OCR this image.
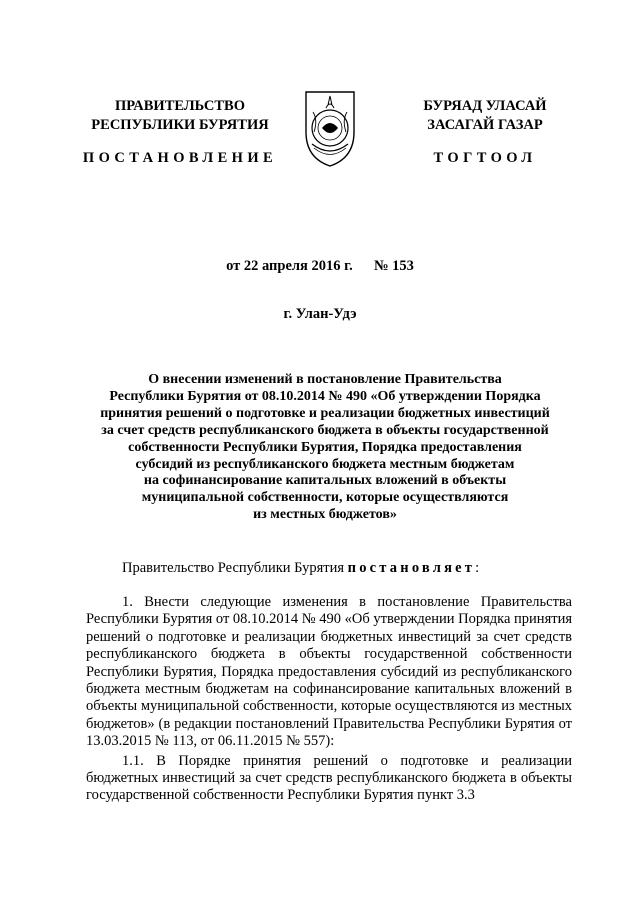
ПРАВИТЕЛЬСТВО
РЕСПУБЛИКИ БУРЯТИЯ
ПОСТАНОВЛЕНИЕ
БУРЯАД УЛАСАЙ
ЗАСАГАЙ ГАЗАР
ТОГТООЛ
от 22 апреля 2016 г. № 153
г. Улан-Удэ
О внесении изменений в постановление Правительства
Республики Бурятия от 08.10.2014 № 490 «Об утверждении Порядка
принятия решений о подготовке и реализации бюджетных инвестиций
за счет средств республиканского бюджета в объекты государственной
собственности Республики Бурятия, Порядка предоставления
субсидий из республиканского бюджета местным бюджетам
на софинансирование капитальных вложений в объекты
муниципальной собственности, которые осуществляются
из местных бюджетов»
Правительство Республики Бурятия постановляет:

1. Внести следующие изменения в постановление Правительства Республики Бурятия от 08.10.2014 № 490 «Об утверждении Порядка принятия решений о подготовке и реализации бюджетных инвестиций за счет средств республиканского бюджета в объекты государственной собственности Республики Бурятия, Порядка предоставления субсидий из республиканского бюджета местным бюджетам на софинансирование капитальных вложений в объекты муниципальной собственности, которые осуществляются из местных бюджетов» (в редакции постановлений Правительства Республики Бурятия от 13.03.2015 № 113, от 06.11.2015 № 557):

1.1. В Порядке принятия решений о подготовке и реализации бюджетных инвестиций за счет средств республиканского бюджета в объекты государственной собственности Республики Бурятия пункт 3.3
